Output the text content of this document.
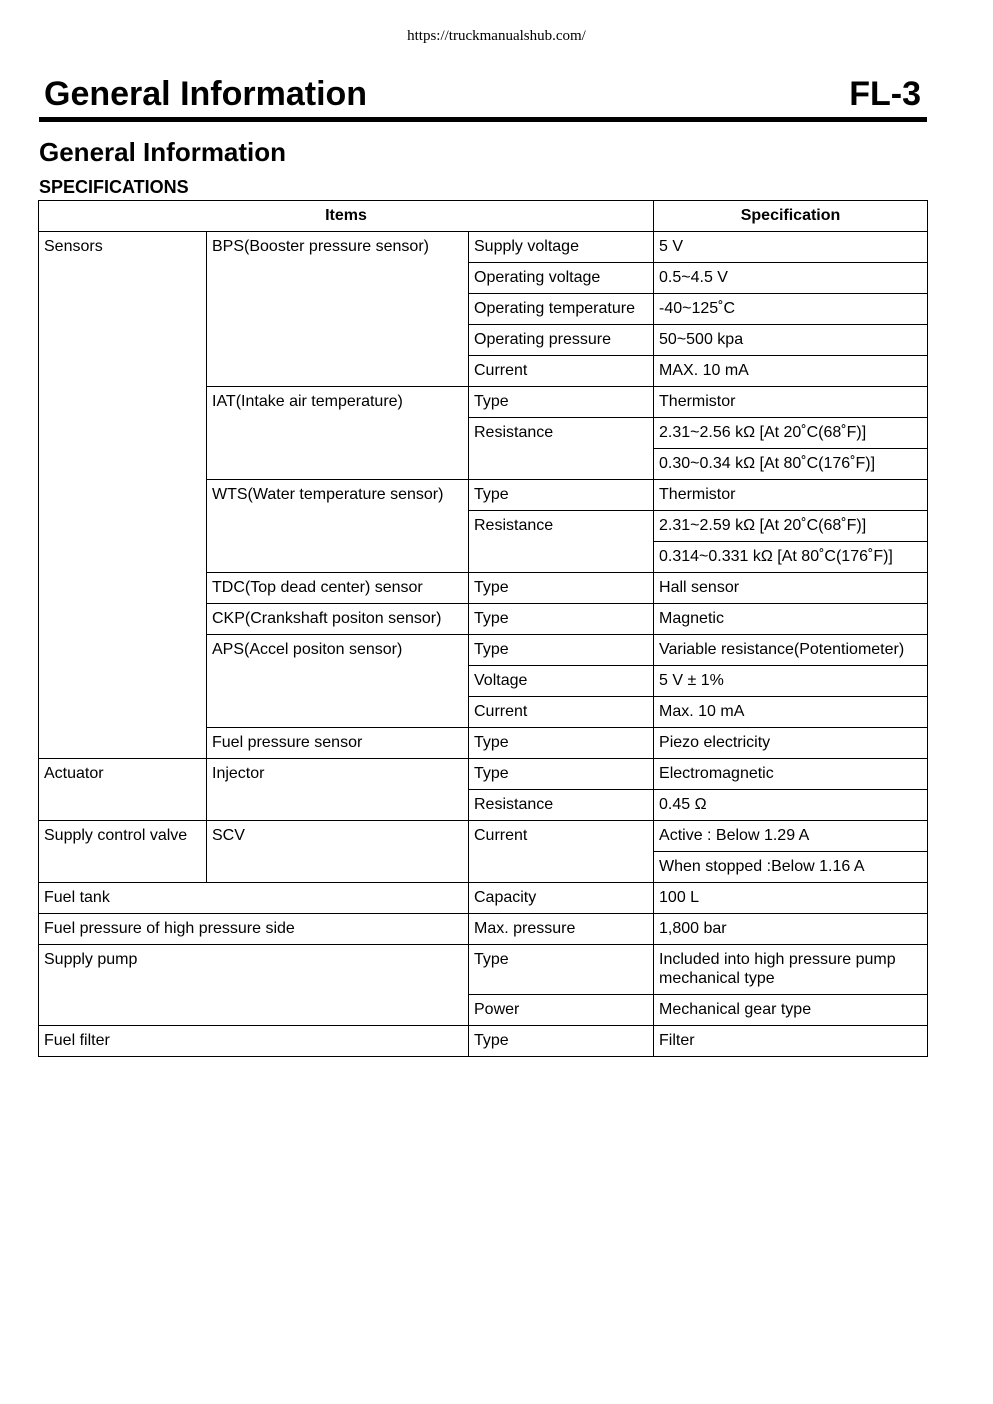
https://truckmanualshub.com/
General Information	FL-3
General Information
SPECIFICATIONS
Items			Specification
Sensors	BPS(Booster pressure sensor)	Supply voltage	5 V
		Operating voltage	0.5~4.5 V
		Operating temperature	-40~125˚C
		Operating pressure	50~500 kpa
		Current	MAX. 10 mA
	IAT(Intake air temperature)	Type	Thermistor
		Resistance	2.31~2.56 kΩ [At 20˚C(68˚F)]
			0.30~0.34 kΩ [At 80˚C(176˚F)]
	WTS(Water temperature sensor)	Type	Thermistor
		Resistance	2.31~2.59 kΩ [At 20˚C(68˚F)]
			0.314~0.331 kΩ [At 80˚C(176˚F)]
	TDC(Top dead center) sensor	Type	Hall sensor
	CKP(Crankshaft positon sensor)	Type	Magnetic
	APS(Accel positon sensor)	Type	Variable resistance(Potentiometer)
		Voltage	5 V ± 1%
		Current	Max. 10 mA
	Fuel pressure sensor	Type	Piezo electricity
Actuator	Injector	Type	Electromagnetic
		Resistance	0.45 Ω
Supply control valve	SCV	Current	Active : Below 1.29 A
			When stopped :Below 1.16 A
Fuel tank		Capacity	100 L
Fuel pressure of high pressure side		Max. pressure	1,800 bar
Supply pump		Type	Included into high pressure pump mechanical type
		Power	Mechanical gear type
Fuel filter		Type	Filter
